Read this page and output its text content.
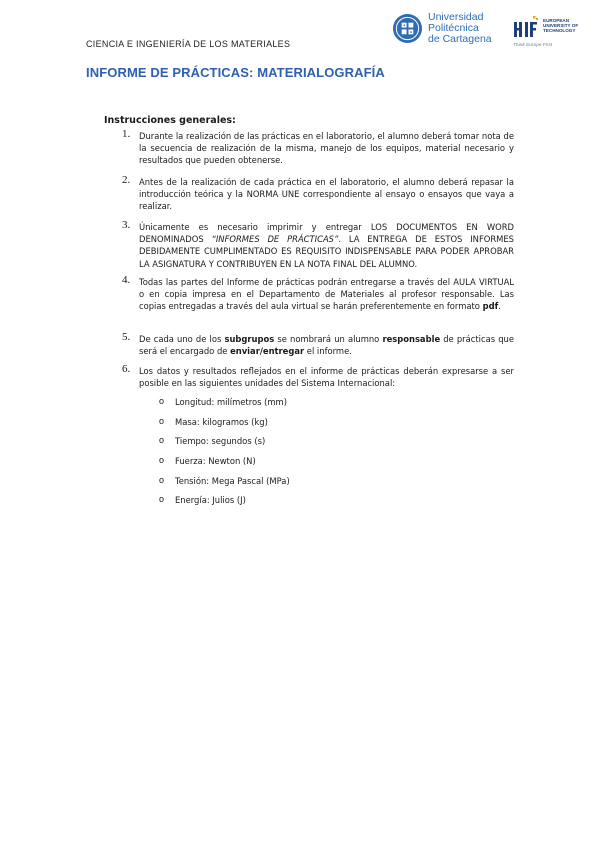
CIENCIA E INGENIERÍA DE LOS MATERIALES
Universidad
Politécnica
de Cartagena
EUROPEAN
UNIVERSITY OF
TECHNOLOGY
Think Europe First
INFORME DE PRÁCTICAS: MATERIALOGRAFÍA
Instrucciones generales:
1. Durante la realización de las prácticas en el laboratorio, el alumno deberá tomar nota de la secuencia de realización de la misma, manejo de los equipos, material necesario y resultados que pueden obtenerse.
2. Antes de la realización de cada práctica en el laboratorio, el alumno deberá repasar la introducción teórica y la NORMA UNE correspondiente al ensayo o ensayos que vaya a realizar.
3. Únicamente es necesario imprimir y entregar LOS DOCUMENTOS EN WORD DENOMINADOS “INFORMES DE PRÁCTICAS”. LA ENTREGA DE ESTOS INFORMES DEBIDAMENTE CUMPLIMENTADO ES REQUISITO INDISPENSABLE PARA PODER APROBAR LA ASIGNATURA Y CONTRIBUYEN EN LA NOTA FINAL DEL ALUMNO.
4. Todas las partes del Informe de prácticas podrán entregarse a través del AULA VIRTUAL o en copia impresa en el Departamento de Materiales al profesor responsable. Las copias entregadas a través del aula virtual se harán preferentemente en formato pdf.
5. De cada uno de los subgrupos se nombrará un alumno responsable de prácticas que será el encargado de enviar/entregar el informe.
6. Los datos y resultados reflejados en el informe de prácticas deberán expresarse a ser posible en las siguientes unidades del Sistema Internacional:
o Longitud: milímetros (mm)
o Masa: kilogramos (kg)
o Tiempo: segundos (s)
o Fuerza: Newton (N)
o Tensión: Mega Pascal (MPa)
o Energía: Julios (J)
